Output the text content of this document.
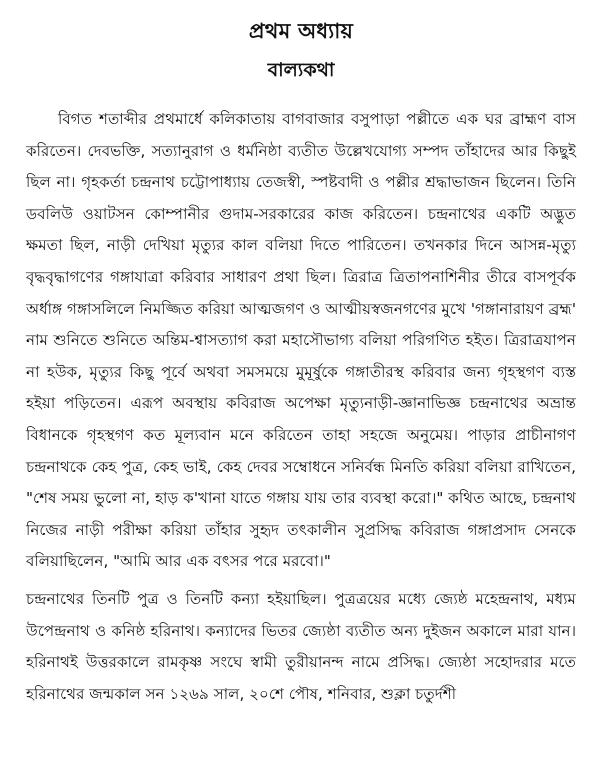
প্রথম অধ্যায়
বাল্যকথা

বিগত শতাব্দীর প্রথমার্ধে কলিকাতায় বাগবাজার বসুপাড়া পল্লীতে এক ঘর ব্রাহ্মণ বাস করিতেন। দেবভক্তি, সত্যানুরাগ ও ধর্মনিষ্ঠা ব্যতীত উল্লেখযোগ্য সম্পদ তাঁহাদের আর কিছুই ছিল না। গৃহকর্তা চন্দ্রনাথ চট্টোপাধ্যায় তেজস্বী, স্পষ্টবাদী ও পল্লীর শ্রদ্ধাভাজন ছিলেন। তিনি ডবলিউ ওয়াটসন কোম্পানীর গুদাম-সরকারের কাজ করিতেন। চন্দ্রনাথের একটি অদ্ভুত ক্ষমতা ছিল, নাড়ী দেখিয়া মৃত্যুর কাল বলিয়া দিতে পারিতেন। তখনকার দিনে আসন্ন-মৃত্যু বৃদ্ধবৃদ্ধাগণের গঙ্গাযাত্রা করিবার সাধারণ প্রথা ছিল। ত্রিরাত্র ত্রিতাপনাশিনীর তীরে বাসপূর্বক অর্ধাঙ্গ গঙ্গাসলিলে নিমজ্জিত করিয়া আত্মজগণ ও আত্মীয়স্বজনগণের মুখে 'গঙ্গানারায়ণ ব্রহ্ম' নাম শুনিতে শুনিতে অন্তিম-শ্বাসত্যাগ করা মহাসৌভাগ্য বলিয়া পরিগণিত হইত। ত্রিরাত্রযাপন না হউক, মৃত্যুর কিছু পূর্বে অথবা সমসময়ে মুমূর্ষুকে গঙ্গাতীরস্থ করিবার জন্য গৃহস্থগণ ব্যস্ত হইয়া পড়িতেন। এরূপ অবস্থায় কবিরাজ অপেক্ষা মৃত্যুনাড়ী-জ্ঞানাভিজ্ঞ চন্দ্রনাথের অভ্রান্ত বিধানকে গৃহস্থগণ কত মূল্যবান মনে করিতেন তাহা সহজে অনুমেয়। পাড়ার প্রাচীনাগণ চন্দ্রনাথকে কেহ পুত্র, কেহ ভাই, কেহ দেবর সম্বোধনে সনির্বন্ধ মিনতি করিয়া বলিয়া রাখিতেন, "শেষ সময় ভুলো না, হাড় ক'খানা যাতে গঙ্গায় যায় তার ব্যবস্থা করো।" কথিত আছে, চন্দ্রনাথ নিজের নাড়ী পরীক্ষা করিয়া তাঁহার সুহৃদ তৎকালীন সুপ্রসিদ্ধ কবিরাজ গঙ্গাপ্রসাদ সেনকে বলিয়াছিলেন, "আমি আর এক বৎসর পরে মরবো।"

চন্দ্রনাথের তিনটি পুত্র ও তিনটি কন্যা হইয়াছিল। পুত্রত্রয়ের মধ্যে জ্যেষ্ঠ মহেন্দ্রনাথ, মধ্যম উপেন্দ্রনাথ ও কনিষ্ঠ হরিনাথ। কন্যাদের ভিতর জ্যেষ্ঠা ব্যতীত অন্য দুইজন অকালে মারা যান। হরিনাথই উত্তরকালে রামকৃষ্ণ সংঘে স্বামী তুরীয়ানন্দ নামে প্রসিদ্ধ। জ্যেষ্ঠা সহোদরার মতে হরিনাথের জন্মকাল সন ১২৬৯ সাল, ২০শে পৌষ, শনিবার, শুক্লা চতুর্দশী
